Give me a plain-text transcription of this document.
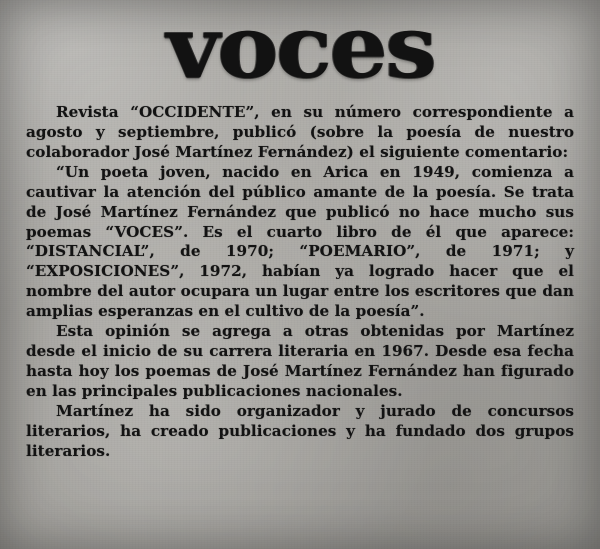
voces

Revista “OCCIDENTE”, en su número correspondiente a agosto y septiembre, publicó (sobre la poesía de nuestro colaborador José Martínez Fernández) el siguiente comentario:

“Un poeta joven, nacido en Arica en 1949, comienza a cautivar la atención del público amante de la poesía. Se trata de José Martínez Fernández que publicó no hace mucho sus poemas “VOCES”. Es el cuarto libro de él que aparece: “DISTANCIAL”, de 1970; “POEMARIO”, de 1971; y “EXPOSICIONES”, 1972, habían ya logrado hacer que el nombre del autor ocupara un lugar entre los escritores que dan amplias esperanzas en el cultivo de la poesía”.

Esta opinión se agrega a otras obtenidas por Martínez desde el inicio de su carrera literaria en 1967. Desde esa fecha hasta hoy los poemas de José Martínez Fernández han figurado en las principales publicaciones nacionales.

Martínez ha sido organizador y jurado de concursos literarios, ha creado publicaciones y ha fundado dos grupos literarios.
